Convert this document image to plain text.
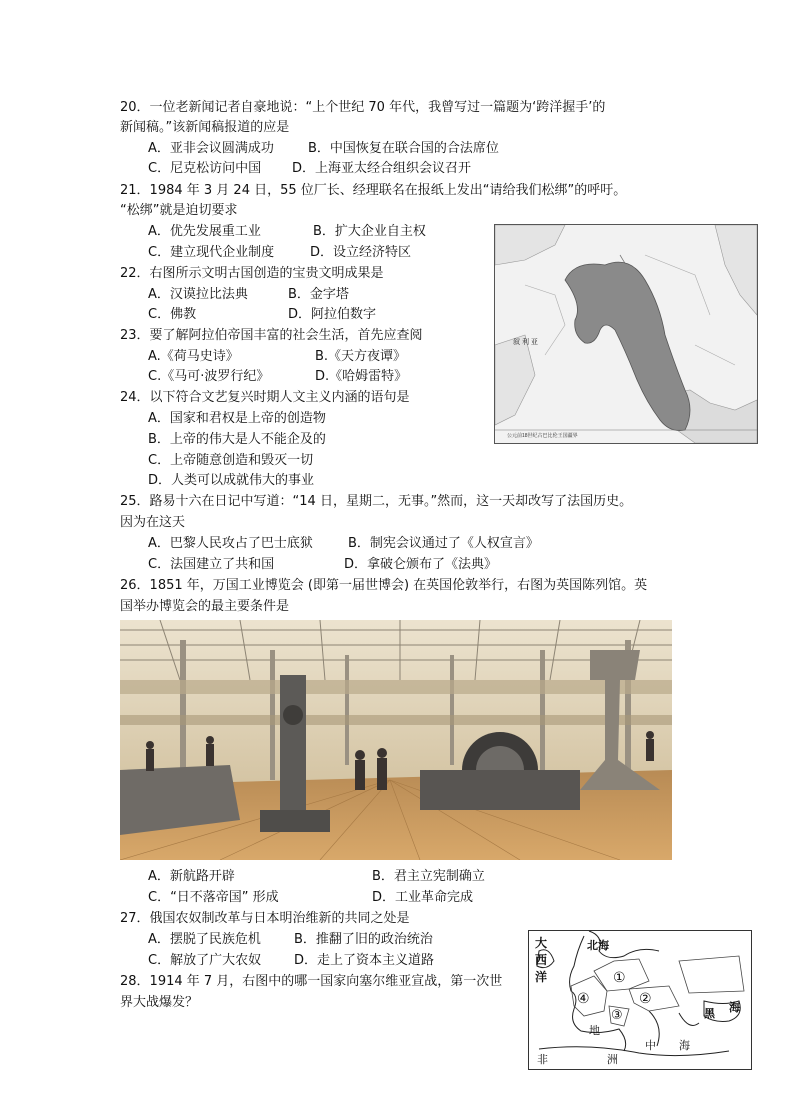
20．一位老新闻记者自豪地说：“上个世纪 70 年代，我曾写过一篇题为‘跨洋握手’的
新闻稿。”该新闻稿报道的应是
A．亚非会议圆满成功	B．中国恢复在联合国的合法席位
C．尼克松访问中国 D．上海亚太经合组织会议召开
21．1984 年 3 月 24 日，55 位厂长、经理联名在报纸上发出“请给我们松绑”的呼吁。
“松绑”就是迫切要求
A．优先发展重工业	B．扩大企业自主权
C．建立现代企业制度	D．设立经济特区
22．右图所示文明古国创造的宝贵文明成果是
A．汉谟拉比法典	B．金字塔
C．佛教	D．阿拉伯数字
23．要了解阿拉伯帝国丰富的社会生活，首先应查阅
A.《荷马史诗》	B.《天方夜谭》
C.《马可·波罗行纪》	D.《哈姆雷特》
24．以下符合文艺复兴时期人文主义内涵的语句是
A．国家和君权是上帝的创造物
B．上帝的伟大是人不能企及的
C．上帝随意创造和毁灭一切
D．人类可以成就伟大的事业
25．路易十六在日记中写道：“14 日，星期二，无事。”然而，这一天却改写了法国历史。
因为在这天
A．巴黎人民攻占了巴士底狱	B．制宪会议通过了《人权宣言》
C．法国建立了共和国	D．拿破仑颁布了《法典》
26．1851 年，万国工业博览会 (即第一届世博会) 在英国伦敦举行，右图为英国陈列馆。英
国举办博览会的最主要条件是
A．新航路开辟	B．君主立宪制确立
C．“日不落帝国” 形成	D．工业革命完成
27．俄国农奴制改革与日本明治维新的共同之处是
A．摆脱了民族危机	B．推翻了旧的政治统治
C．解放了广大农奴	D．走上了资本主义道路
28．1914 年 7 月，右图中的哪一国家向塞尔维亚宣战，第一次世
界大战爆发？
叙 利 亚
公元前18世纪古巴比伦王国疆界
①
②
③
④
大
西
洋
北海
黑 海
地
中 海
非	洲
